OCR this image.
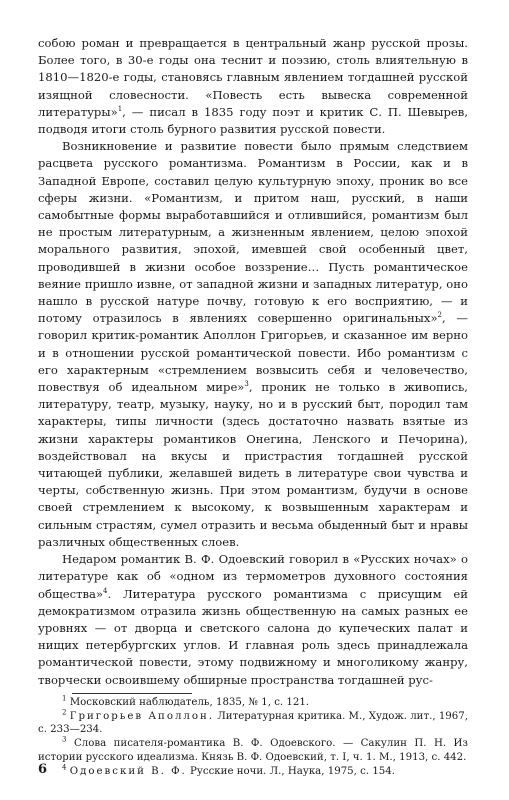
собою роман и превращается в центральный жанр русской прозы. Более того, в 30-е годы она теснит и поэзию, столь влиятельную в 1810—1820-е годы, становясь главным явлением тогдашней русской изящной словесности. «Повесть есть вывеска современной литературы»$^1$, — писал в 1835 году поэт и критик С. П. Шевырев, подводя итоги столь бурного развития русской повести.

Возникновение и развитие повести было прямым следствием расцвета русского романтизма. Романтизм в России, как и в Западной Европе, составил целую культурную эпоху, проник во все сферы жизни. «Романтизм, и притом наш, русский, в наши самобытные формы выработавшийся и отлившийся, романтизм был не простым литературным, а жизненным явлением, целою эпохой морального развития, эпохой, имевшей свой особенный цвет, проводившей в жизни особое воззрение… Пусть романтическое веяние пришло извне, от западной жизни и западных литератур, оно нашло в русской натуре почву, готовую к его восприятию, — и потому отразилось в явлениях совершенно оригинальных»$^2$, — говорил критик-романтик Аполлон Григорьев, и сказанное им верно и в отношении русской романтической повести. Ибо романтизм с его характерным «стремлением возвысить себя и человечество, повествуя об идеальном мире»$^3$, проник не только в живопись, литературу, театр, музыку, науку, но и в русский быт, породил там характеры, типы личности (здесь достаточно назвать взятые из жизни характеры романтиков Онегина, Ленского и Печорина), воздействовал на вкусы и пристрастия тогдашней русской читающей публики, желавшей видеть в литературе свои чувства и черты, собственную жизнь. При этом романтизм, будучи в основе своей стремлением к высокому, к возвышенным характерам и сильным страстям, сумел отразить и весьма обыденный быт и нравы различных общественных слоев.

Недаром романтик В. Ф. Одоевский говорил в «Русских ночах» о литературе как об «одном из термометров духовного состояния общества»$^4$. Литература русского романтизма с присущим ей демократизмом отразила жизнь общественную на самых разных ее уровнях — от дворца и светского салона до купеческих палат и нищих петербургских углов. И главная роль здесь принадлежала романтической повести, этому подвижному и многоликому жанру, творчески освоившему обширные пространства тогдашней рус-

$^1$ Московский наблюдатель, 1835, № 1, с. 121.

$^2$ Григорьев Аполлон. Литературная критика. М., Худож. лит., 1967, с. 233—234.

$^3$ Слова писателя-романтика В. Ф. Одоевского. — Сакулин П. Н. Из истории русского идеализма. Князь В. Ф. Одоевский, т. I, ч. 1. М., 1913, с. 442.

$^4$ Одоевский В. Ф. Русские ночи. Л., Наука, 1975, с. 154.

6
